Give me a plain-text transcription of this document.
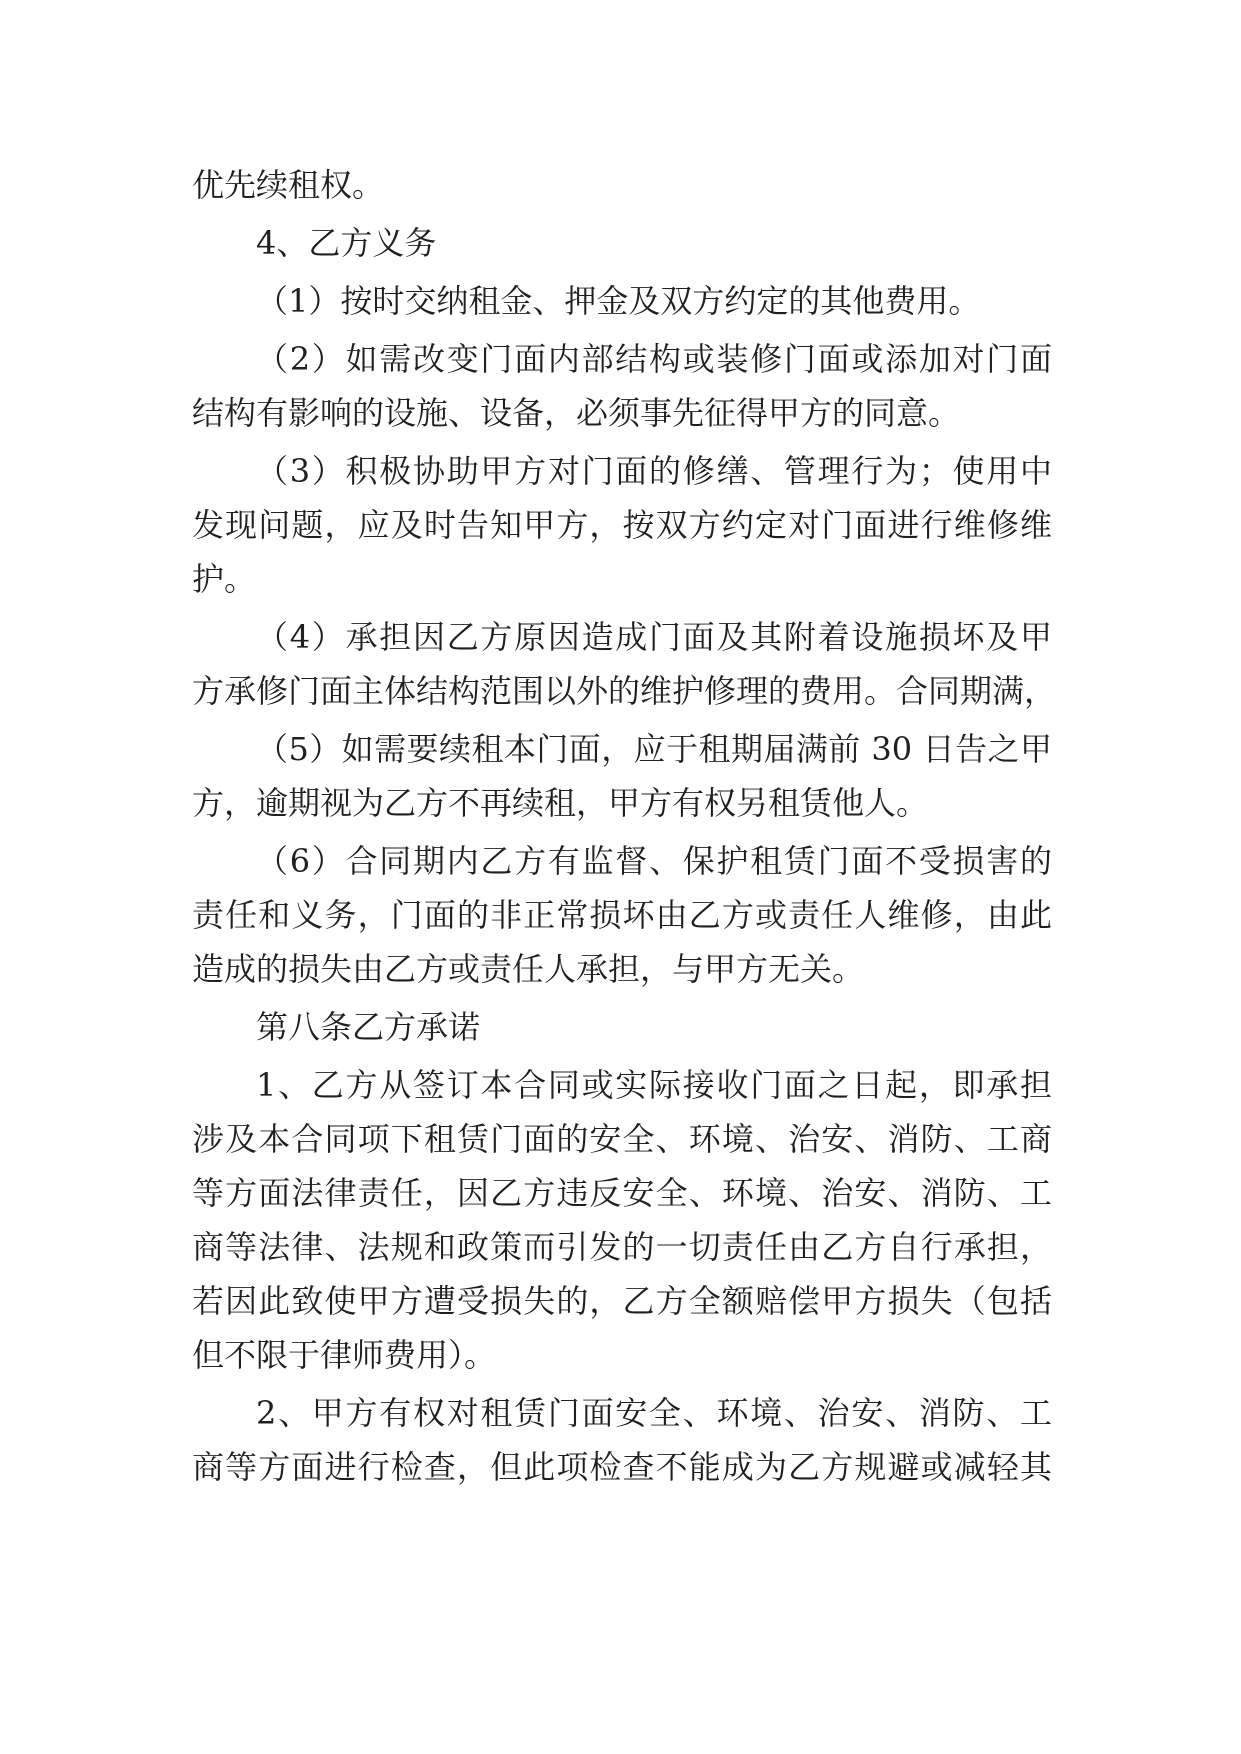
优先续租权。
4、乙方义务
（1）按时交纳租金、押金及双方约定的其他费用。
（2）如需改变门面内部结构或装修门面或添加对门面
结构有影响的设施、设备，必须事先征得甲方的同意。
（3）积极协助甲方对门面的修缮、管理行为；使用中
发现问题，应及时告知甲方，按双方约定对门面进行维修维
护。
（4）承担因乙方原因造成门面及其附着设施损坏及甲
方承修门面主体结构范围以外的维护修理的费用。合同期满，
（5）如需要续租本门面，应于租期届满前 30 日告之甲
方，逾期视为乙方不再续租，甲方有权另租赁他人。
（6）合同期内乙方有监督、保护租赁门面不受损害的
责任和义务，门面的非正常损坏由乙方或责任人维修，由此
造成的损失由乙方或责任人承担，与甲方无关。
第八条乙方承诺
1、乙方从签订本合同或实际接收门面之日起，即承担
涉及本合同项下租赁门面的安全、环境、治安、消防、工商
等方面法律责任，因乙方违反安全、环境、治安、消防、工
商等法律、法规和政策而引发的一切责任由乙方自行承担，
若因此致使甲方遭受损失的，乙方全额赔偿甲方损失（包括
但不限于律师费用）。
2、甲方有权对租赁门面安全、环境、治安、消防、工
商等方面进行检查，但此项检查不能成为乙方规避或减轻其
